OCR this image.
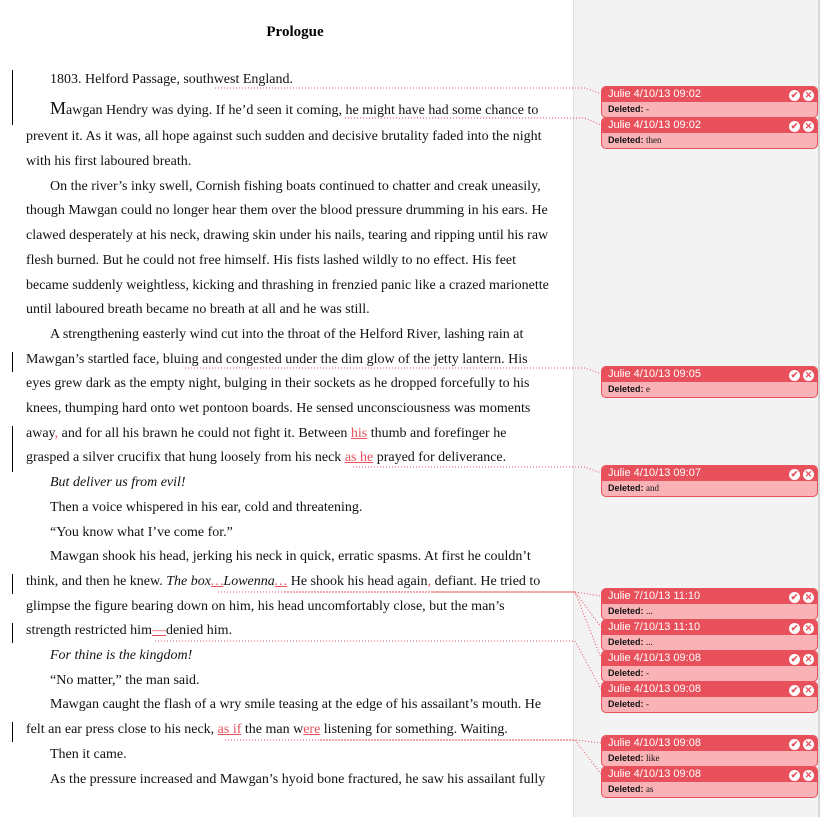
Prologue
1803. Helford Passage, southwest England.
Mawgan Hendry was dying. If he’d seen it coming, he might have had some chance to
prevent it. As it was, all hope against such sudden and decisive brutality faded into the night
with his first laboured breath.
On the river’s inky swell, Cornish fishing boats continued to chatter and creak uneasily,
though Mawgan could no longer hear them over the blood pressure drumming in his ears. He
clawed desperately at his neck, drawing skin under his nails, tearing and ripping until his raw
flesh burned. But he could not free himself. His fists lashed wildly to no effect. His feet
became suddenly weightless, kicking and thrashing in frenzied panic like a crazed marionette
until laboured breath became no breath at all and he was still.
A strengthening easterly wind cut into the throat of the Helford River, lashing rain at
Mawgan’s startled face, bluing and congested under the dim glow of the jetty lantern. His
eyes grew dark as the empty night, bulging in their sockets as he dropped forcefully to his
knees, thumping hard onto wet pontoon boards. He sensed unconsciousness was moments
away, and for all his brawn he could not fight it. Between his thumb and forefinger he
grasped a silver crucifix that hung loosely from his neck as he prayed for deliverance.
But deliver us from evil!
Then a voice whispered in his ear, cold and threatening.
“You know what I’ve come for.”
Mawgan shook his head, jerking his neck in quick, erratic spasms. At first he couldn’t
think, and then he knew. The box…Lowenna… He shook his head again, defiant. He tried to
glimpse the figure bearing down on him, his head uncomfortably close, but the man’s
strength restricted him—denied him.
For thine is the kingdom!
“No matter,” the man said.
Mawgan caught the flash of a wry smile teasing at the edge of his assailant’s mouth. He
felt an ear press close to his neck, as if the man were listening for something. Waiting.
Then it came.
As the pressure increased and Mawgan’s hyoid bone fractured, he saw his assailant fully
Julie 4/10/13 09:02	✔ ✕
Deleted: -
Julie 4/10/13 09:02	✔ ✕
Deleted: then
Julie 4/10/13 09:05	✔ ✕
Deleted: e
Julie 4/10/13 09:07	✔ ✕
Deleted: and
Julie 7/10/13 11:10	✔ ✕
Deleted: ...
Julie 7/10/13 11:10	✔ ✕
Deleted: ...
Julie 4/10/13 09:08	✔ ✕
Deleted: -
Julie 4/10/13 09:08	✔ ✕
Deleted: -
Julie 4/10/13 09:08	✔ ✕
Deleted: like
Julie 4/10/13 09:08	✔ ✕
Deleted: as
